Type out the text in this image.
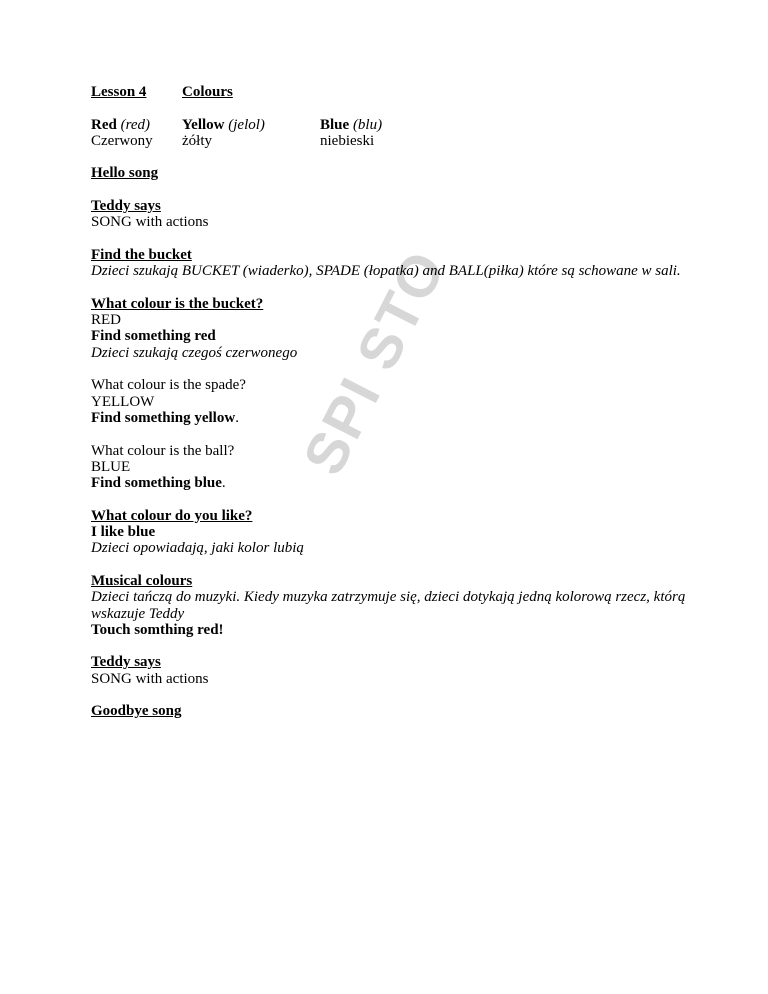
SPI STO
Lesson 4	Colours
Red (red)	Yellow (jelol)	Blue (blu)
Czerwony	żółty	niebieski
Hello song
Teddy says
SONG with actions
Find the bucket
Dzieci szukają BUCKET (wiaderko), SPADE (łopatka) and BALL(piłka) które są schowane w sali.
What colour is the bucket?
RED
Find something red
Dzieci szukają czegoś czerwonego
What colour is the spade?
YELLOW
Find something yellow.
What colour is the ball?
BLUE
Find something blue.
What colour do you like?
I like blue
Dzieci opowiadają, jaki kolor lubią
Musical colours
Dzieci tańczą do muzyki. Kiedy muzyka zatrzymuje się, dzieci dotykają jedną kolorową rzecz, którą wskazuje Teddy
Touch somthing red!
Teddy says
SONG with actions
Goodbye song
